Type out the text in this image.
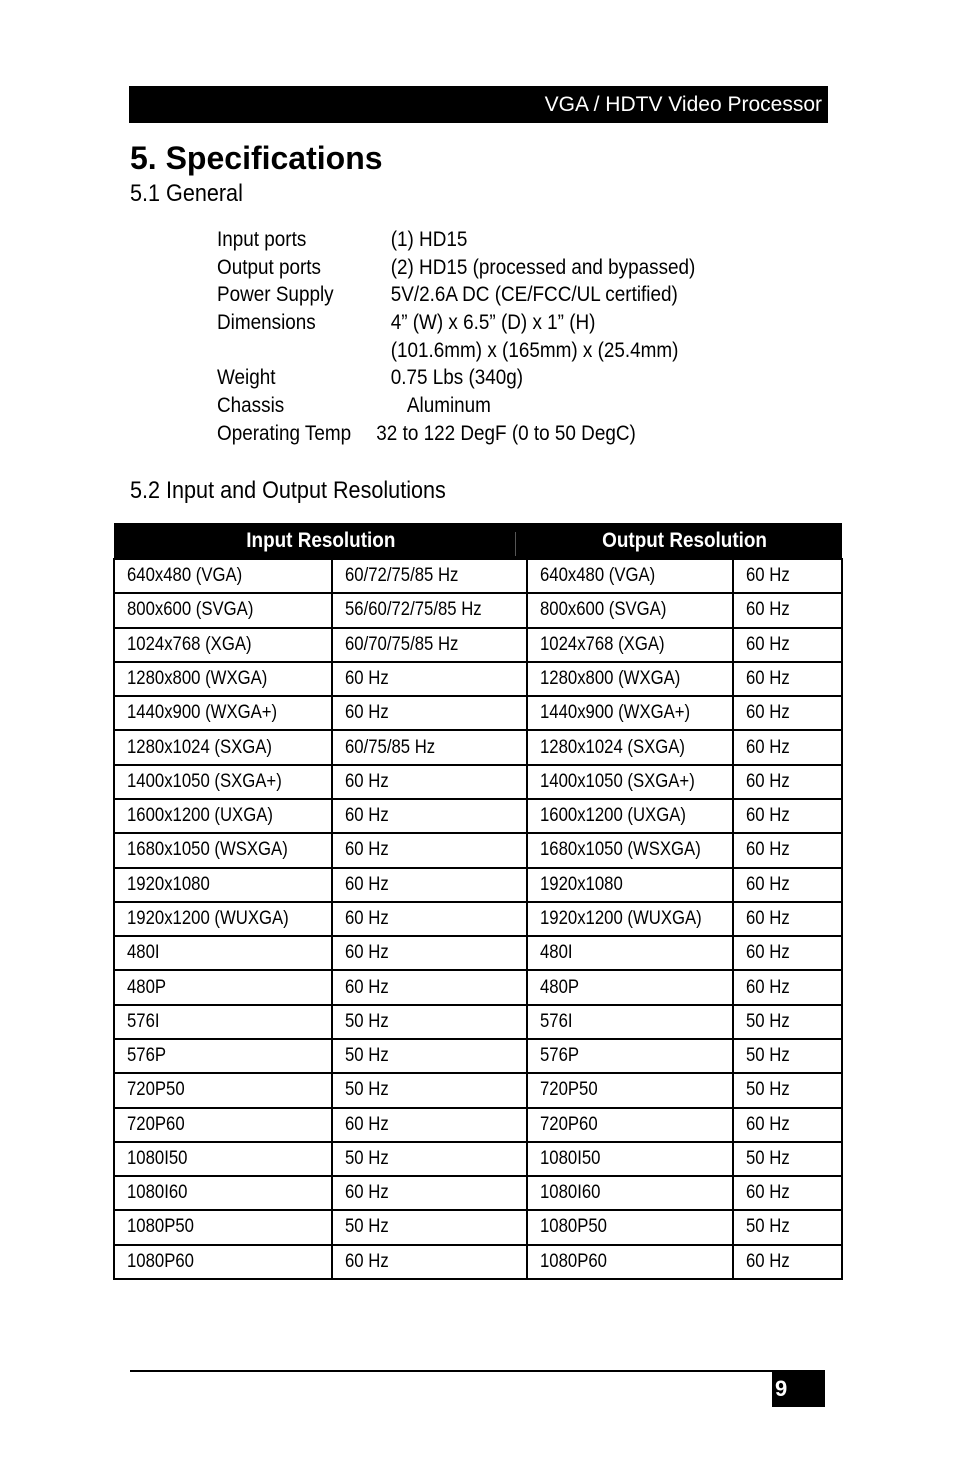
VGA / HDTV Video Processor
5. Specifications
5.1 General
Input ports	(1) HD15
Output ports	(2) HD15 (processed and bypassed)
Power Supply	5V/2.6A DC (CE/FCC/UL certified)
Dimensions	4” (W) x 6.5” (D) x 1” (H)
(101.6mm) x (165mm) x (25.4mm)
Weight	0.75 Lbs (340g)
Chassis	Aluminum
Operating Temp 32 to 122 DegF (0 to 50 DegC)
5.2 Input and Output Resolutions
Input Resolution		Output Resolution	
640x480 (VGA)	60/72/75/85 Hz	640x480 (VGA)	60 Hz
800x600 (SVGA)	56/60/72/75/85 Hz	800x600 (SVGA)	60 Hz
1024x768 (XGA)	60/70/75/85 Hz	1024x768 (XGA)	60 Hz
1280x800 (WXGA)	60 Hz	1280x800 (WXGA)	60 Hz
1440x900 (WXGA+)	60 Hz	1440x900 (WXGA+)	60 Hz
1280x1024 (SXGA)	60/75/85 Hz	1280x1024 (SXGA)	60 Hz
1400x1050 (SXGA+)	60 Hz	1400x1050 (SXGA+)	60 Hz
1600x1200 (UXGA)	60 Hz	1600x1200 (UXGA)	60 Hz
1680x1050 (WSXGA)	60 Hz	1680x1050 (WSXGA)	60 Hz
1920x1080	60 Hz	1920x1080	60 Hz
1920x1200 (WUXGA)	60 Hz	1920x1200 (WUXGA)	60 Hz
480I	60 Hz	480I	60 Hz
480P	60 Hz	480P	60 Hz
576I	50 Hz	576I	50 Hz
576P	50 Hz	576P	50 Hz
720P50	50 Hz	720P50	50 Hz
720P60	60 Hz	720P60	60 Hz
1080I50	50 Hz	1080I50	50 Hz
1080I60	60 Hz	1080I60	60 Hz
1080P50	50 Hz	1080P50	50 Hz
1080P60	60 Hz	1080P60	60 Hz
9
